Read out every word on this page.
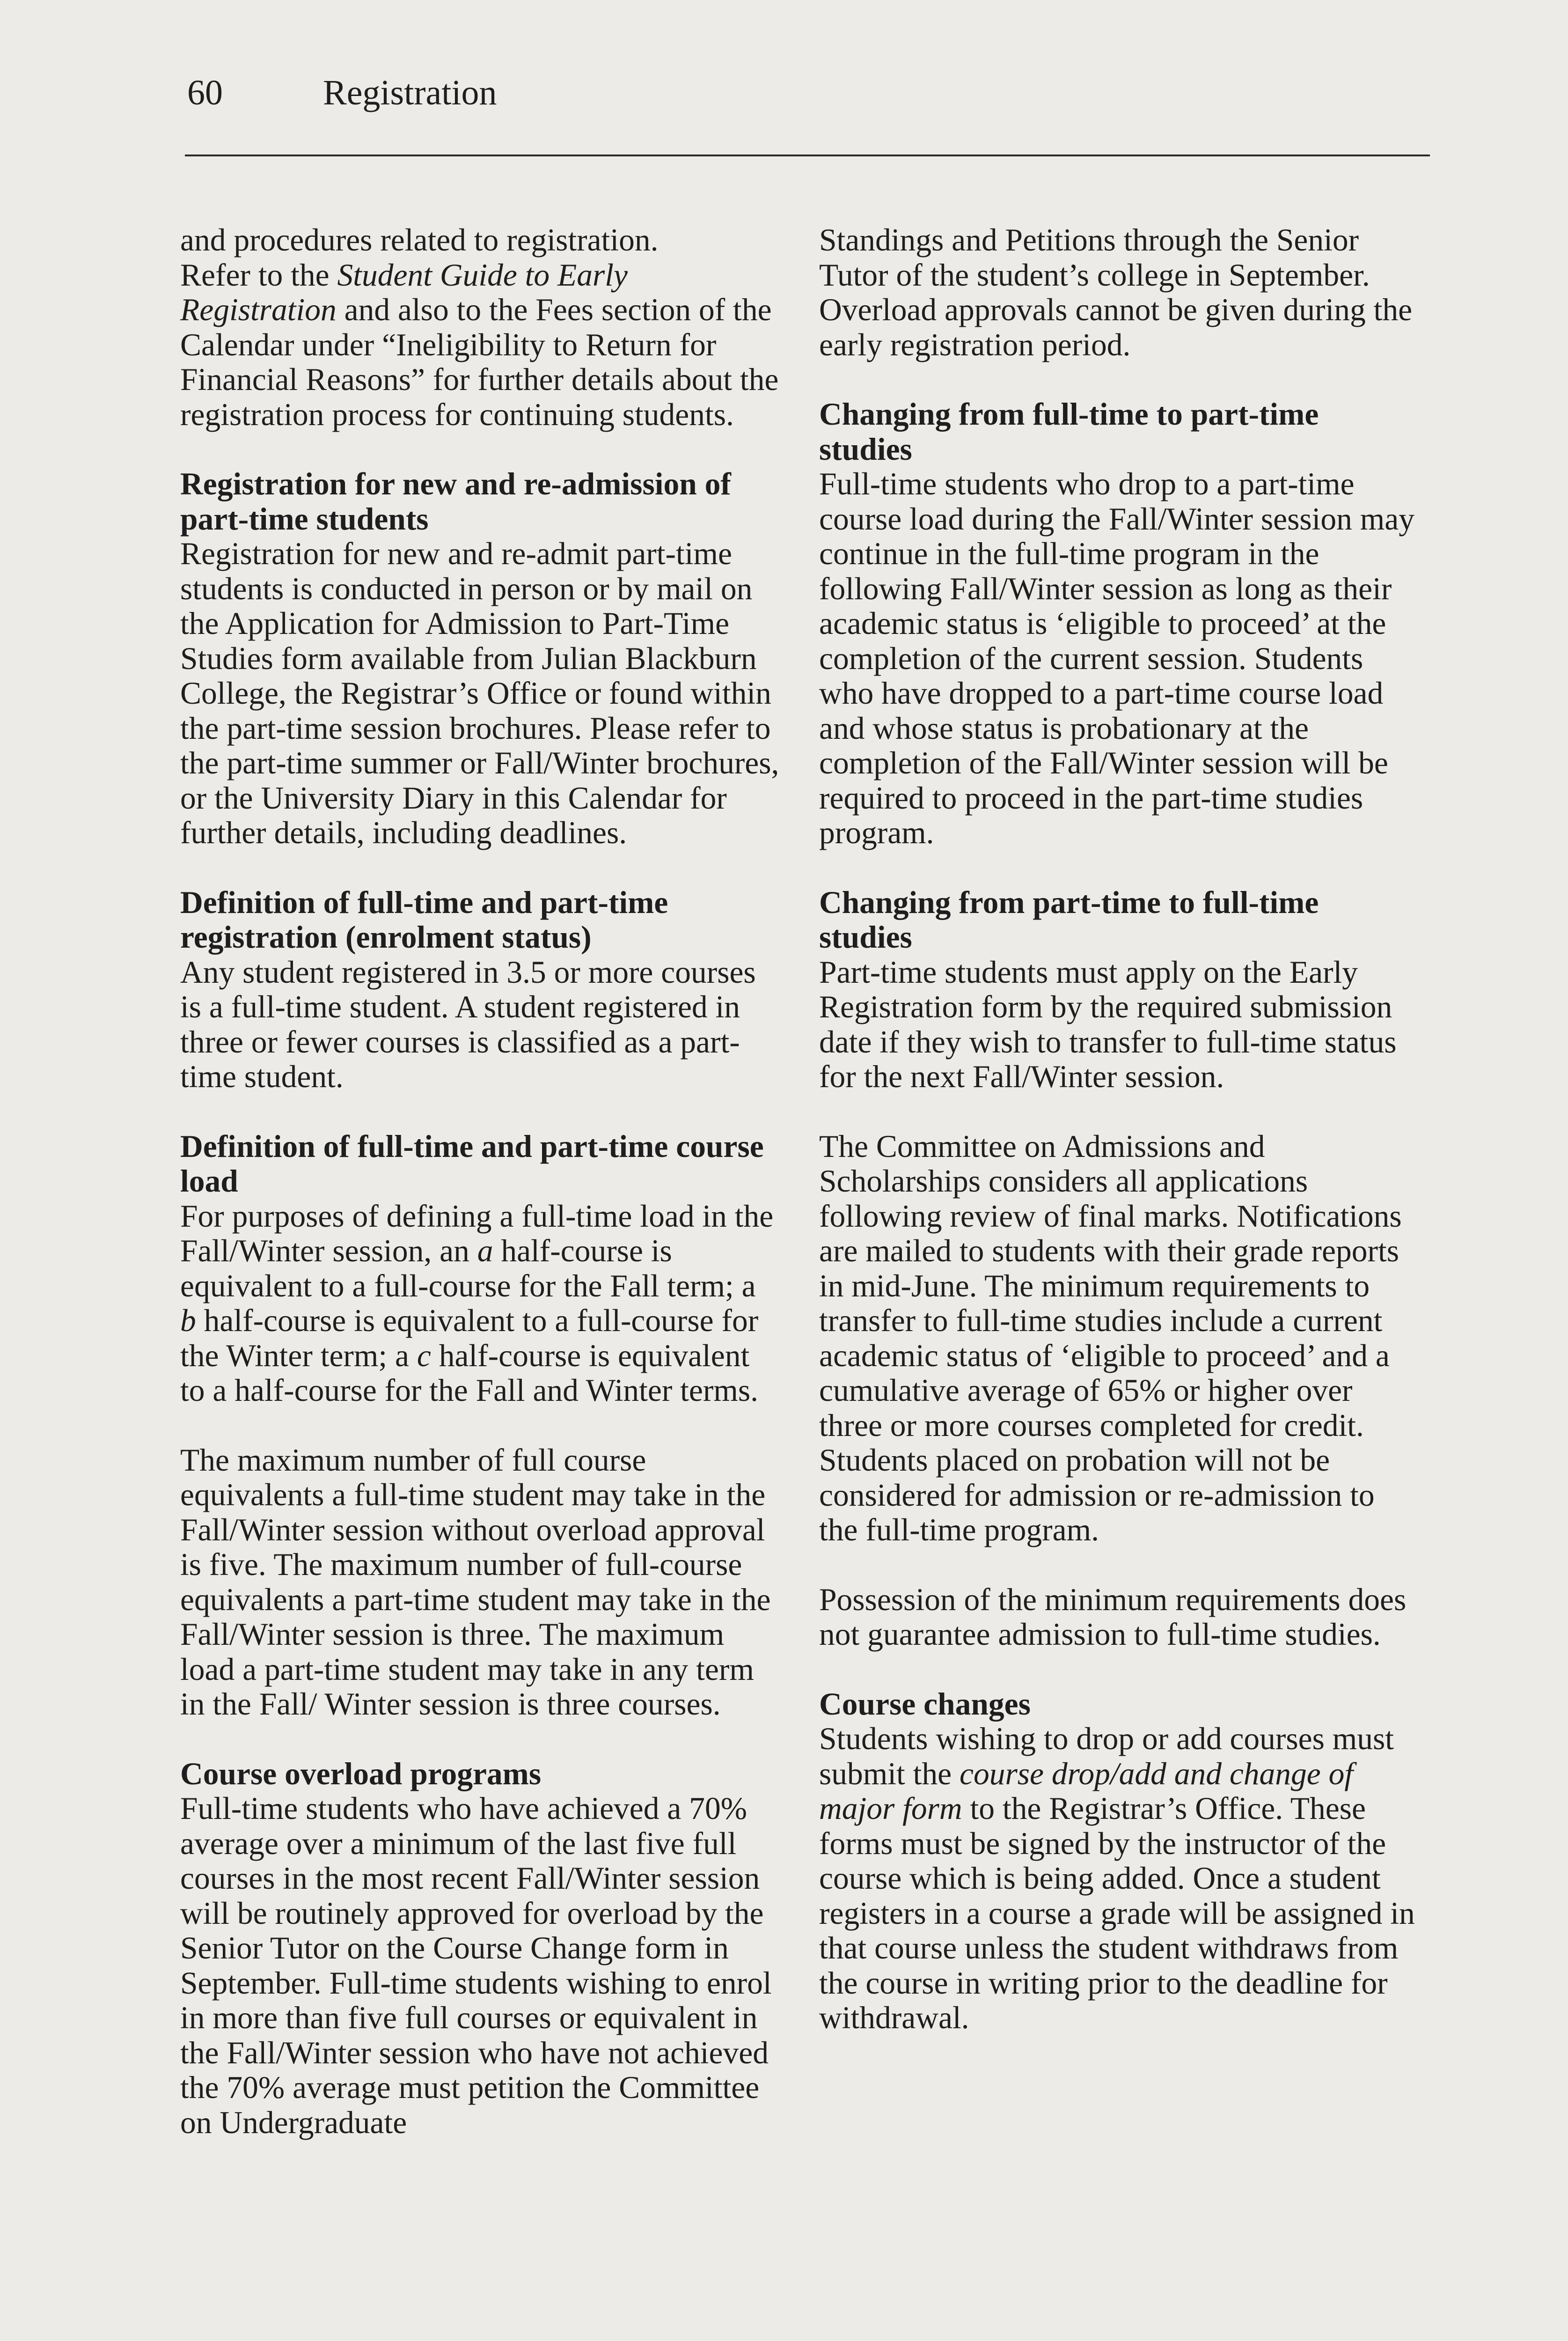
60	Registration

and procedures related to registration.

Refer to the Student Guide to Early Registration and also to the Fees section of the Calendar under “Ineligibility to Return for Financial Reasons” for further details about the registration process for continuing students.

Registration for new and re-admission of part-time students

Registration for new and re-admit part-time students is conducted in person or by mail on the Application for Admission to Part-Time Studies form available from Julian Blackburn College, the Registrar’s Office or found within the part-time session brochures. Please refer to the part-time summer or Fall/Winter brochures, or the University Diary in this Calendar for further details, including deadlines.

Definition of full-time and part-time registration (enrolment status)

Any student registered in 3.5 or more courses is a full-time student. A student registered in three or fewer courses is classified as a part-time student.

Definition of full-time and part-time course load

For purposes of defining a full-time load in the Fall/Winter session, an a half-course is equivalent to a full-course for the Fall term; a b half-course is equivalent to a full-course for the Winter term; a c half-course is equivalent to a half-course for the Fall and Winter terms.

The maximum number of full course equivalents a full-time student may take in the Fall/Winter session without overload approval is five. The maximum number of full-course equivalents a part-time student may take in the Fall/Winter session is three. The maximum load a part-time student may take in any term in the Fall/ Winter session is three courses.

Course overload programs

Full-time students who have achieved a 70% average over a minimum of the last five full courses in the most recent Fall/Winter session will be routinely approved for overload by the Senior Tutor on the Course Change form in September. Full-time students wishing to enrol in more than five full courses or equivalent in the Fall/Winter session who have not achieved the 70% average must petition the Committee on Undergraduate

Standings and Petitions through the Senior Tutor of the student’s college in September.

Overload approvals cannot be given during the early registration period.

Changing from full-time to part-time studies

Full-time students who drop to a part-time course load during the Fall/Winter session may continue in the full-time program in the following Fall/Winter session as long as their academic status is ‘eligible to proceed’ at the completion of the current session. Students who have dropped to a part-time course load and whose status is probationary at the completion of the Fall/Winter session will be required to proceed in the part-time studies program.

Changing from part-time to full-time studies

Part-time students must apply on the Early Registration form by the required submission date if they wish to transfer to full-time status for the next Fall/Winter session.

The Committee on Admissions and Scholarships considers all applications following review of final marks. Notifications are mailed to students with their grade reports in mid-June. The minimum requirements to transfer to full-time studies include a current academic status of ‘eligible to proceed’ and a cumulative average of 65% or higher over three or more courses completed for credit. Students placed on probation will not be considered for admission or re-admission to the full-time program.

Possession of the minimum requirements does not guarantee admission to full-time studies.

Course changes

Students wishing to drop or add courses must submit the course drop/add and change of major form to the Registrar’s Office. These forms must be signed by the instructor of the course which is being added. Once a student registers in a course a grade will be assigned in that course unless the student withdraws from the course in writing prior to the deadline for withdrawal.
